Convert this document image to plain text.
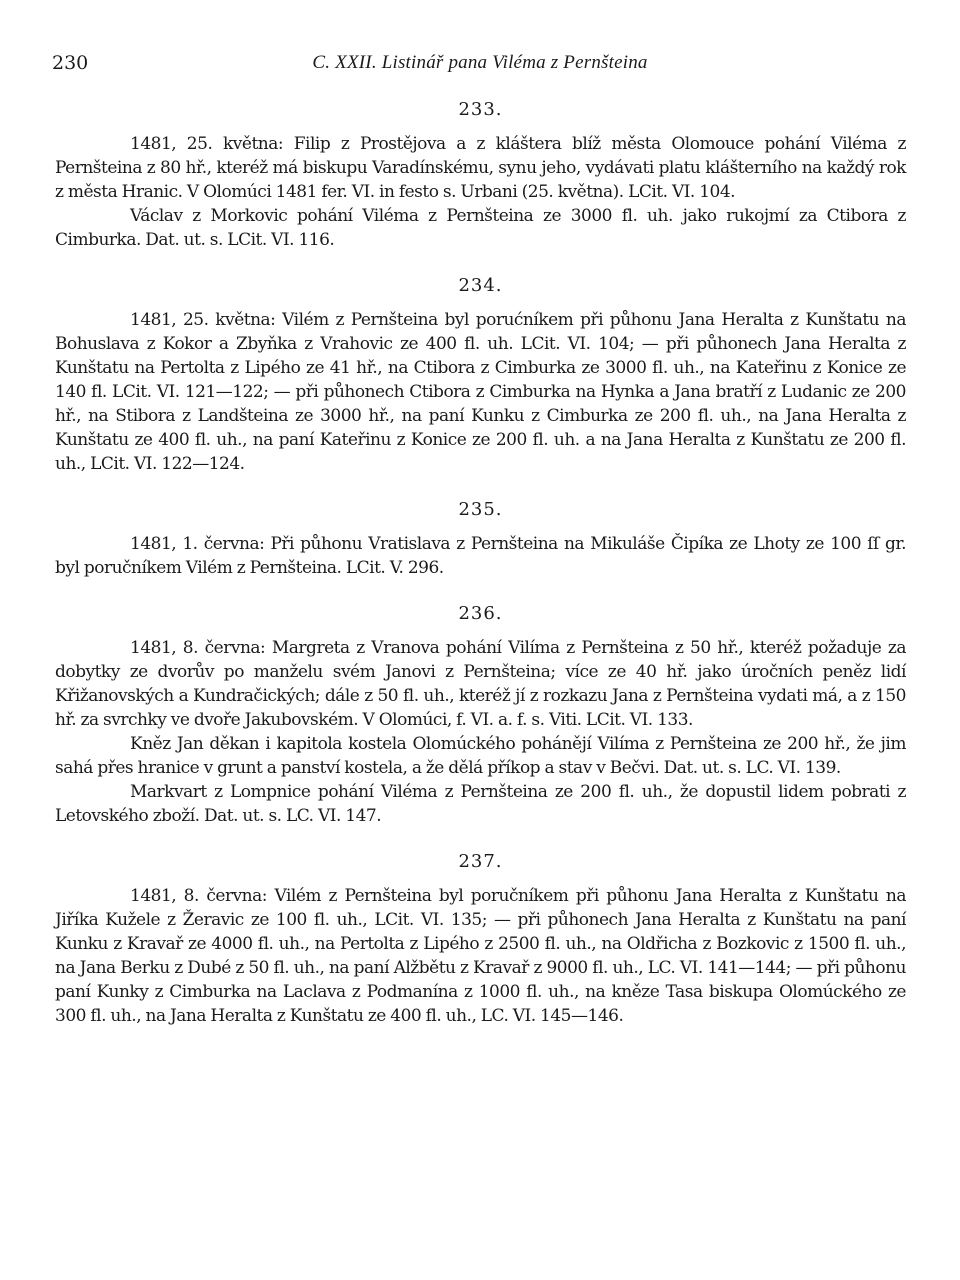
230	C. XXII. Listinář pana Viléma z Pernšteina
233.

1481, 25. května: Filip z Prostějova a z kláštera blíž města Olomouce pohání Viléma z Pernšteina z 80 hř., kteréž má biskupu Varadínskému, synu jeho, vydávati platu klášterního na každý rok z města Hranic. V Olomúci 1481 fer. VI. in festo s. Urbani (25. května). LCit. VI. 104.

Václav z Morkovic pohání Viléma z Pernšteina ze 3000 fl. uh. jako rukojmí za Ctibora z Cimburka. Dat. ut. s. LCit. VI. 116.

234.

1481, 25. května: Vilém z Pernšteina byl porućníkem při půhonu Jana Heralta z Kunštatu na Bohuslava z Kokor a Zbyňka z Vrahovic ze 400 fl. uh. LCit. VI. 104; — při půhonech Jana Heralta z Kunštatu na Pertolta z Lipého ze 41 hř., na Ctibora z Cimburka ze 3000 fl. uh., na Kateřinu z Konice ze 140 fl. LCit. VI. 121—122; — při půhonech Ctibora z Cimburka na Hynka a Jana bratří z Ludanic ze 200 hř., na Stibora z Landšteina ze 3000 hř., na paní Kunku z Cimburka ze 200 fl. uh., na Jana Heralta z Kunštatu ze 400 fl. uh., na paní Kateřinu z Konice ze 200 fl. uh. a na Jana Heralta z Kunštatu ze 200 fl. uh., LCit. VI. 122—124.

235.

1481, 1. června: Při půhonu Vratislava z Pernšteina na Mikuláše Čipíka ze Lhoty ze 100 ſſ gr. byl poručníkem Vilém z Pernšteina. LCit. V. 296.

236.

1481, 8. června: Margreta z Vranova pohání Vilíma z Pernšteina z 50 hř., kteréž požaduje za dobytky ze dvorův po manželu svém Janovi z Pernšteina; více ze 40 hř. jako úročních peněz lidí Křižanovských a Kundračických; dále z 50 fl. uh., kteréž jí z rozkazu Jana z Pernšteina vydati má, a z 150 hř. za svrchky ve dvoře Jakubovském. V Olomúci, f. VI. a. f. s. Viti. LCit. VI. 133.

Kněz Jan děkan i kapitola kostela Olomúckého pohánějí Vilíma z Pernšteina ze 200 hř., že jim sahá přes hranice v grunt a panství kostela, a že dělá příkop a stav v Bečvi. Dat. ut. s. LC. VI. 139.

Markvart z Lompnice pohání Viléma z Pernšteina ze 200 fl. uh., že dopustil lidem pobrati z Letovského zboží. Dat. ut. s. LC. VI. 147.

237.

1481, 8. června: Vilém z Pernšteina byl poručníkem při půhonu Jana Heralta z Kunštatu na Jiříka Kužele z Žeravic ze 100 fl. uh., LCit. VI. 135; — při půhonech Jana Heralta z Kunštatu na paní Kunku z Kravař ze 4000 fl. uh., na Pertolta z Lipého z 2500 fl. uh., na Oldřicha z Bozkovic z 1500 fl. uh., na Jana Berku z Dubé z 50 fl. uh., na paní Alžbětu z Kravař z 9000 fl. uh., LC. VI. 141—144; — při půhonu paní Kunky z Cimburka na Laclava z Podmanína z 1000 fl. uh., na kněze Tasa biskupa Olomúckého ze 300 fl. uh., na Jana Heralta z Kunštatu ze 400 fl. uh., LC. VI. 145—146.
